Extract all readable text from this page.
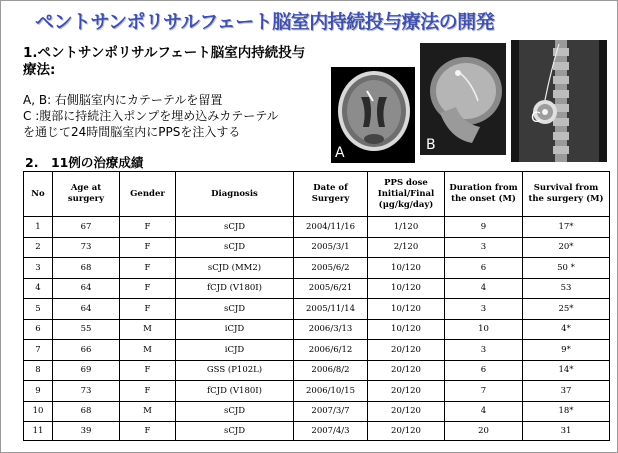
ペントサンポリサルフェート脳室内持続投与療法の開発
1.ペントサンポリサルフェート脳室内持続投与
療法:
A, B: 右側脳室内にカテーテルを留置
C :腹部に持続注入ポンプを埋め込みカテーテル
を通じて24時間脳室内にPPSを注入する
A	B
C
2.　11例の治療成績
No	Age at surgery	Gender	Diagnosis	Date of Surgery	PPS dose Initial/Final (μg/kg/day)	Duration from the onset (M)	Survival from the surgery (M)
1	67	F	sCJD	2004/11/16	1/120	9	17*
2	73	F	sCJD	2005/3/1	2/120	3	20*
3	68	F	sCJD (MM2)	2005/6/2	10/120	6	50 *
4	64	F	fCJD (V180I)	2005/6/21	10/120	4	53
5	64	F	sCJD	2005/11/14	10/120	3	25*
6	55	M	iCJD	2006/3/13	10/120	10	4*
7	66	M	iCJD	2006/6/12	20/120	3	9*
8	69	F	GSS (P102L)	2006/8/2	20/120	6	14*
9	73	F	fCJD (V180I)	2006/10/15	20/120	7	37
10	68	M	sCJD	2007/3/7	20/120	4	18*
11	39	F	sCJD	2007/4/3	20/120	20	31
